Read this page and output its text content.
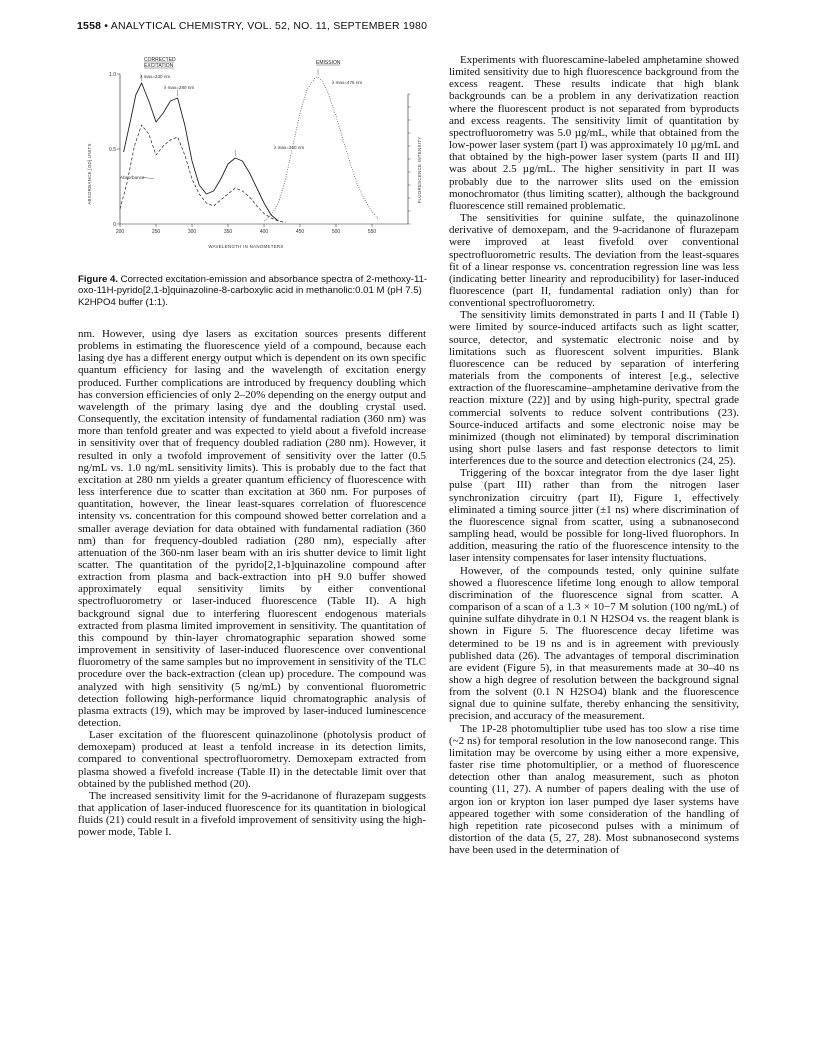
1558 • ANALYTICAL CHEMISTRY, VOL. 52, NO. 11, SEPTEMBER 1980
CORRECTED
EXCITATION	EMISSION
ABSORBANCE [OD] UNITS	FLUORESCENCE INTENSITY
WAVELENGTH IN NANOMETERS
λ max=230 nm
λ max=280 nm
λ max=360 nm
λ max=475 nm
Absorbance
200	250	300	350	400	450	500	550
0
0.5
1.0
Figure 4. Corrected excitation-emission and absorbance spectra of 2-methoxy-11-oxo-11H-pyrido[2,1-b]quinazoline-8-carboxylic acid in methanolic:0.01 M (pH 7.5) K2HPO4 buffer (1:1).

nm. However, using dye lasers as excitation sources presents different problems in estimating the fluorescence yield of a compound, because each lasing dye has a different energy output which is dependent on its own specific quantum efficiency for lasing and the wavelength of excitation energy produced. Further complications are introduced by frequency doubling which has conversion efficiencies of only 2–20% depending on the energy output and wavelength of the primary lasing dye and the doubling crystal used. Consequently, the excitation intensity of fundamental radiation (360 nm) was more than tenfold greater and was expected to yield about a fivefold increase in sensitivity over that of frequency doubled radiation (280 nm). However, it resulted in only a twofold improvement of sensitivity over the latter (0.5 ng/mL vs. 1.0 ng/mL sensitivity limits). This is probably due to the fact that excitation at 280 nm yields a greater quantum efficiency of fluorescence with less interference due to scatter than excitation at 360 nm. For purposes of quantitation, however, the linear least-squares correlation of fluorescence intensity vs. concentration for this compound showed better correlation and a smaller average deviation for data obtained with fundamental radiation (360 nm) than for frequency-doubled radiation (280 nm), especially after attenuation of the 360-nm laser beam with an iris shutter device to limit light scatter. The quantitation of the pyrido[2,1-b]quinazoline compound after extraction from plasma and back-extraction into pH 9.0 buffer showed approximately equal sensitivity limits by either conventional spectrofluorometry or laser-induced fluorescence (Table II). A high background signal due to interfering fluorescent endogenous materials extracted from plasma limited improvement in sensitivity. The quantitation of this compound by thin-layer chromatographic separation showed some improvement in sensitivity of laser-induced fluorescence over conventional fluorometry of the same samples but no improvement in sensitivity of the TLC procedure over the back-extraction (clean up) procedure. The compound was analyzed with high sensitivity (5 ng/mL) by conventional fluorometric detection following high-performance liquid chromatographic analysis of plasma extracts (19), which may be improved by laser-induced luminescence detection.

Laser excitation of the fluorescent quinazolinone (photolysis product of demoxepam) produced at least a tenfold increase in its detection limits, compared to conventional spectrofluorometry. Demoxepam extracted from plasma showed a fivefold increase (Table II) in the detectable limit over that obtained by the published method (20).

The increased sensitivity limit for the 9-acridanone of flurazepam suggests that application of laser-induced fluorescence for its quantitation in biological fluids (21) could result in a fivefold improvement of sensitivity using the high-power mode, Table I.

Experiments with fluorescamine-labeled amphetamine showed limited sensitivity due to high fluorescence background from the excess reagent. These results indicate that high blank backgrounds can be a problem in any derivatization reaction where the fluorescent product is not separated from byproducts and excess reagents. The sensitivity limit of quantitation by spectrofluorometry was 5.0 µg/mL, while that obtained from the low-power laser system (part I) was approximately 10 µg/mL and that obtained by the high-power laser system (parts II and III) was about 2.5 µg/mL. The higher sensitivity in part II was probably due to the narrower slits used on the emission monochromator (thus limiting scatter), although the background fluorescence still remained problematic.

The sensitivities for quinine sulfate, the quinazolinone derivative of demoxepam, and the 9-acridanone of flurazepam were improved at least fivefold over conventional spectrofluorometric results. The deviation from the least-squares fit of a linear response vs. concentration regression line was less (indicating better linearity and reproducibility) for laser-induced fluorescence (part II, fundamental radiation only) than for conventional spectrofluorometry.

The sensitivity limits demonstrated in parts I and II (Table I) were limited by source-induced artifacts such as light scatter, source, detector, and systematic electronic noise and by limitations such as fluorescent solvent impurities. Blank fluorescence can be reduced by separation of interfering materials from the components of interest [e.g., selective extraction of the fluorescamine–amphetamine derivative from the reaction mixture (22)] and by using high-purity, spectral grade commercial solvents to reduce solvent contributions (23). Source-induced artifacts and some electronic noise may be minimized (though not eliminated) by temporal discrimination using short pulse lasers and fast response detectors to limit interferences due to the source and detection electronics (24, 25).

Triggering of the boxcar integrator from the dye laser light pulse (part III) rather than from the nitrogen laser synchronization circuitry (part II), Figure 1, effectively eliminated a timing source jitter (±1 ns) where discrimination of the fluorescence signal from scatter, using a subnanosecond sampling head, would be possible for long-lived fluorophors. In addition, measuring the ratio of the fluorescence intensity to the laser intensity compensates for laser intensity fluctuations.

However, of the compounds tested, only quinine sulfate showed a fluorescence lifetime long enough to allow temporal discrimination of the fluorescence signal from scatter. A comparison of a scan of a 1.3 × 10−7 M solution (100 ng/mL) of quinine sulfate dihydrate in 0.1 N H2SO4 vs. the reagent blank is shown in Figure 5. The fluorescence decay lifetime was determined to be 19 ns and is in agreement with previously published data (26). The advantages of temporal discrimination are evident (Figure 5), in that measurements made at 30–40 ns show a high degree of resolution between the background signal from the solvent (0.1 N H2SO4) blank and the fluorescence signal due to quinine sulfate, thereby enhancing the sensitivity, precision, and accuracy of the measurement.

The 1P-28 photomultiplier tube used has too slow a rise time (~2 ns) for temporal resolution in the low nanosecond range. This limitation may be overcome by using either a more expensive, faster rise time photomultiplier, or a method of fluorescence detection other than analog measurement, such as photon counting (11, 27). A number of papers dealing with the use of argon ion or krypton ion laser pumped dye laser systems have appeared together with some consideration of the handling of high repetition rate picosecond pulses with a minimum of distortion of the data (5, 27, 28). Most subnanosecond systems have been used in the determination of
